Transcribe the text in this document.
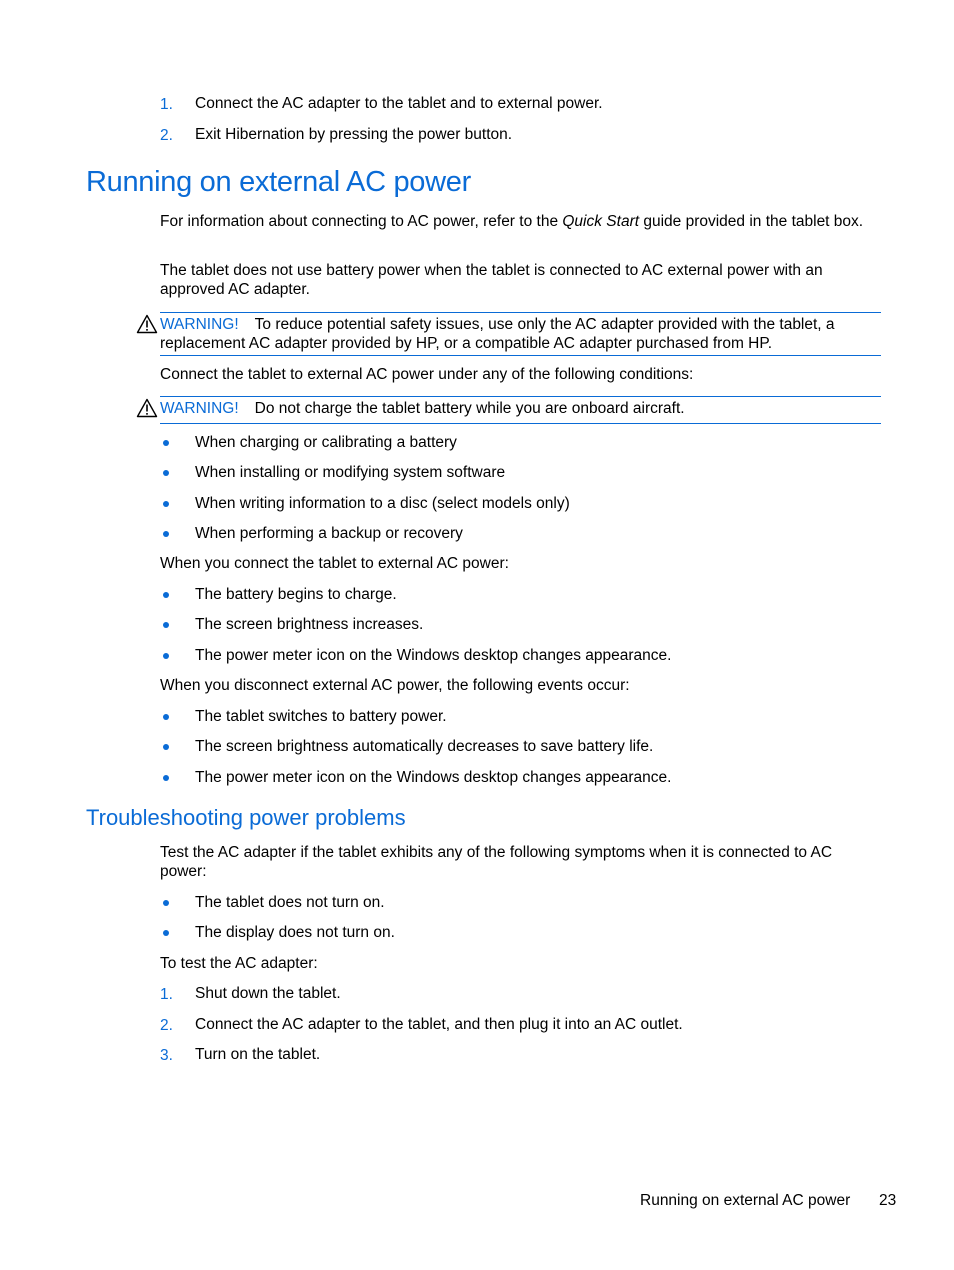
1. Connect the AC adapter to the tablet and to external power.
2. Exit Hibernation by pressing the power button.
Running on external AC power
For information about connecting to AC power, refer to the Quick Start guide provided in the tablet box.
The tablet does not use battery power when the tablet is connected to AC external power with an approved AC adapter.
WARNING! To reduce potential safety issues, use only the AC adapter provided with the tablet, a replacement AC adapter provided by HP, or a compatible AC adapter purchased from HP.
Connect the tablet to external AC power under any of the following conditions:
WARNING! Do not charge the tablet battery while you are onboard aircraft.
When charging or calibrating a battery
When installing or modifying system software
When writing information to a disc (select models only)
When performing a backup or recovery
When you connect the tablet to external AC power:
The battery begins to charge.
The screen brightness increases.
The power meter icon on the Windows desktop changes appearance.
When you disconnect external AC power, the following events occur:
The tablet switches to battery power.
The screen brightness automatically decreases to save battery life.
The power meter icon on the Windows desktop changes appearance.
Troubleshooting power problems
Test the AC adapter if the tablet exhibits any of the following symptoms when it is connected to AC power:
The tablet does not turn on.
The display does not turn on.
To test the AC adapter:
1. Shut down the tablet.
2. Connect the AC adapter to the tablet, and then plug it into an AC outlet.
3. Turn on the tablet.
Running on external AC power 23
